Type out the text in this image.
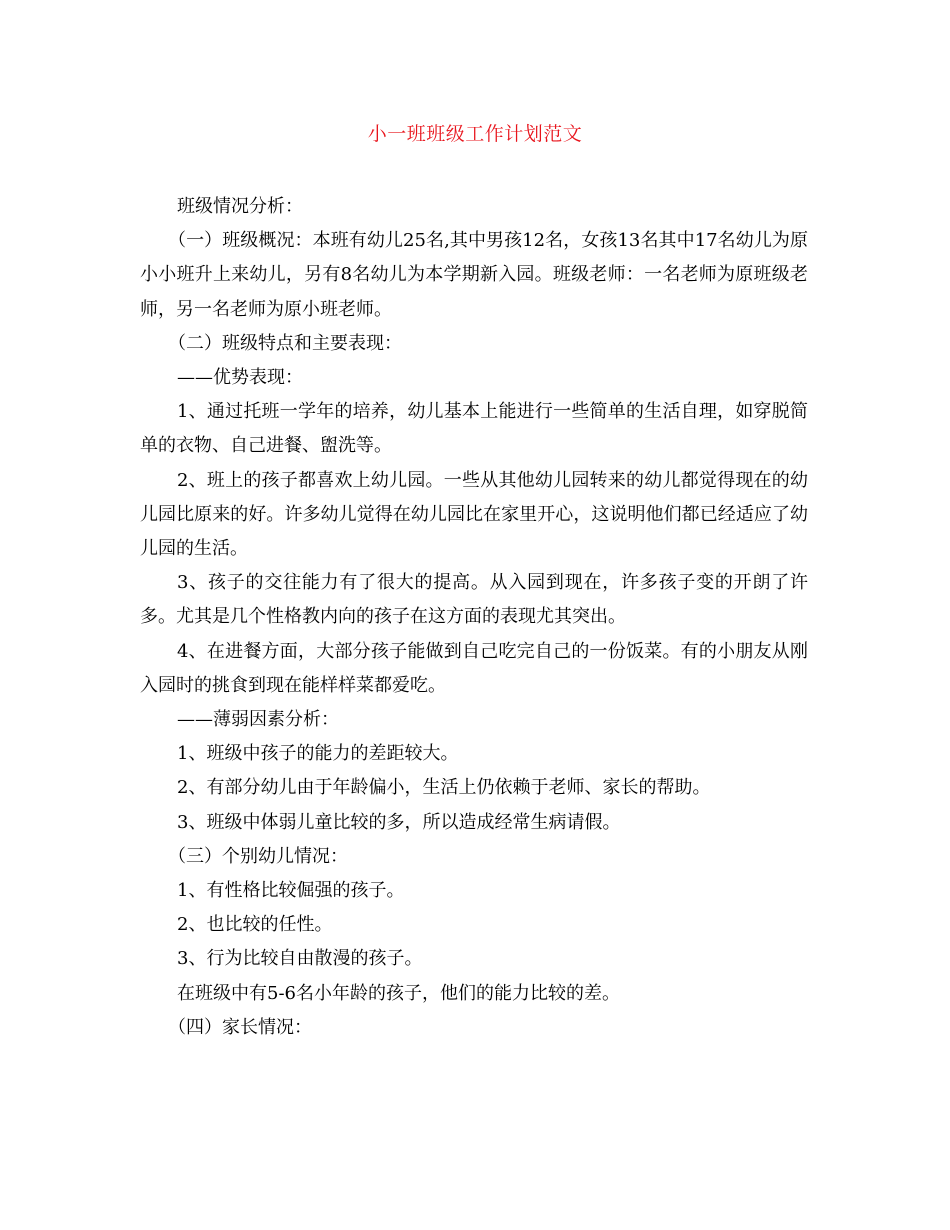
小一班班级工作计划范文

班级情况分析：

（一）班级概况：本班有幼儿25名,其中男孩12名，女孩13名其中17名幼儿为原小小班升上来幼儿，另有8名幼儿为本学期新入园。班级老师：一名老师为原班级老师，另一名老师为原小班老师。

（二）班级特点和主要表现：

——优势表现：

1、通过托班一学年的培养，幼儿基本上能进行一些简单的生活自理，如穿脱简单的衣物、自己进餐、盥洗等。

2、班上的孩子都喜欢上幼儿园。一些从其他幼儿园转来的幼儿都觉得现在的幼儿园比原来的好。许多幼儿觉得在幼儿园比在家里开心，这说明他们都已经适应了幼儿园的生活。

3、孩子的交往能力有了很大的提高。从入园到现在，许多孩子变的开朗了许多。尤其是几个性格教内向的孩子在这方面的表现尤其突出。

4、在进餐方面，大部分孩子能做到自己吃完自己的一份饭菜。有的小朋友从刚入园时的挑食到现在能样样菜都爱吃。

——薄弱因素分析：

1、班级中孩子的能力的差距较大。

2、有部分幼儿由于年龄偏小，生活上仍依赖于老师、家长的帮助。

3、班级中体弱儿童比较的多，所以造成经常生病请假。

（三）个别幼儿情况：

1、有性格比较倔强的孩子。

2、也比较的任性。

3、行为比较自由散漫的孩子。

在班级中有5-6名小年龄的孩子，他们的能力比较的差。

（四）家长情况：
